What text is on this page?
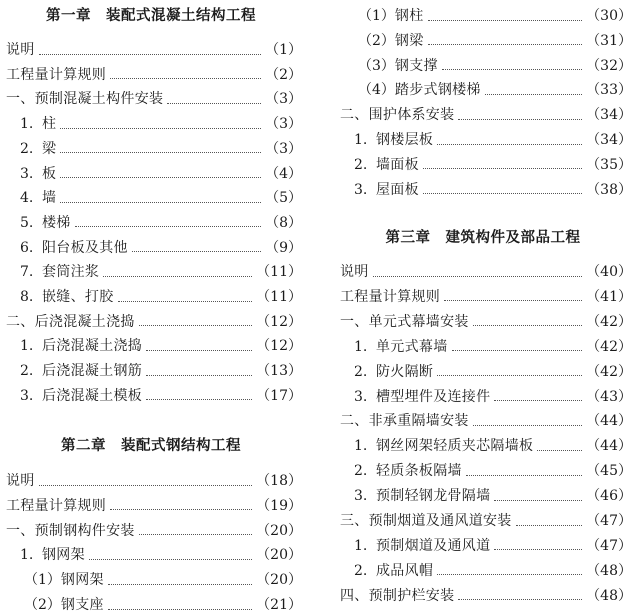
第一章　装配式混凝土结构工程
说明	（1）
工程量计算规则	（2）
一、预制混凝土构件安装	（3）
1. 柱	（3）
2. 梁	（3）
3. 板	（4）
4. 墙	（5）
5. 楼梯	（8）
6. 阳台板及其他	（9）
7. 套筒注浆	（11）
8. 嵌缝、打胶	（11）
二、后浇混凝土浇捣	（12）
1. 后浇混凝土浇捣	（12）
2. 后浇混凝土钢筋	（13）
3. 后浇混凝土模板	（17）
第二章　装配式钢结构工程
说明	（18）
工程量计算规则	（19）
一、预制钢构件安装	（20）
1. 钢网架	（20）
（1） 钢网架	（20）
（2） 钢支座	（21）
（1） 钢柱	（30）
（2） 钢梁	（31）
（3） 钢支撑	（32）
（4） 踏步式钢楼梯	（33）
二、围护体系安装	（34）
1. 钢楼层板	（34）
2. 墙面板	（35）
3. 屋面板	（38）
第三章　建筑构件及部品工程
说明	（40）
工程量计算规则	（41）
一、单元式幕墙安装	（42）
1. 单元式幕墙	（42）
2. 防火隔断	（42）
3. 槽型埋件及连接件	（43）
二、非承重隔墙安装	（44）
1. 钢丝网架轻质夹芯隔墙板	（44）
2. 轻质条板隔墙	（45）
3. 预制轻钢龙骨隔墙	（46）
三、预制烟道及通风道安装	（47）
1. 预制烟道及通风道	（47）
2. 成品风帽	（48）
四、预制护栏安装	（48）
